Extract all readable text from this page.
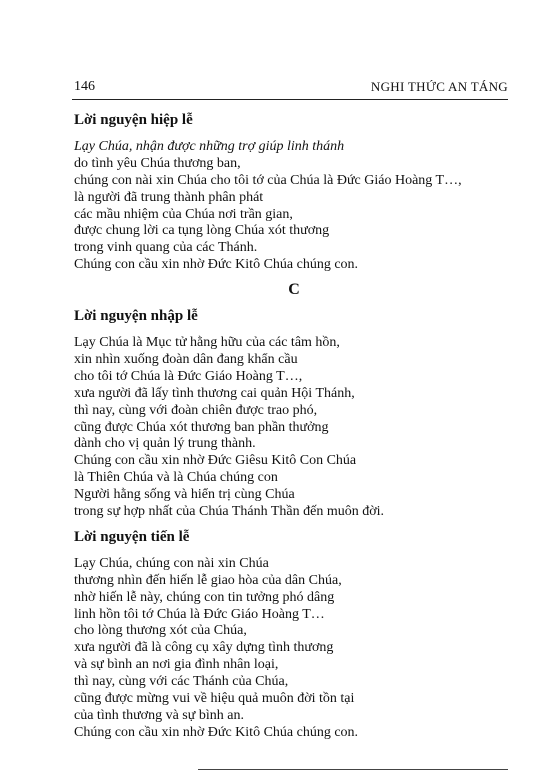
146	NGHI THỨC AN TÁNG
Lời nguyện hiệp lễ
Lạy Chúa, nhận được những trợ giúp linh thánh
do tình yêu Chúa thương ban,
chúng con nài xin Chúa cho tôi tớ của Chúa là Đức Giáo Hoàng T…,
là người đã trung thành phân phát
các mầu nhiệm của Chúa nơi trần gian,
được chung lời ca tụng lòng Chúa xót thương
trong vinh quang của các Thánh.
Chúng con cầu xin nhờ Đức Kitô Chúa chúng con.
C
Lời nguyện nhập lễ
Lạy Chúa là Mục tử hằng hữu của các tâm hồn,
xin nhìn xuống đoàn dân đang khẩn cầu
cho tôi tớ Chúa là Đức Giáo Hoàng T…,
xưa người đã lấy tình thương cai quản Hội Thánh,
thì nay, cùng với đoàn chiên được trao phó,
cũng được Chúa xót thương ban phần thưởng
dành cho vị quản lý trung thành.
Chúng con cầu xin nhờ Đức Giêsu Kitô Con Chúa
là Thiên Chúa và là Chúa chúng con
Người hằng sống và hiển trị cùng Chúa
trong sự hợp nhất của Chúa Thánh Thần đến muôn đời.
Lời nguyện tiến lễ
Lạy Chúa, chúng con nài xin Chúa
thương nhìn đến hiến lễ giao hòa của dân Chúa,
nhờ hiến lễ này, chúng con tin tưởng phó dâng
linh hồn tôi tớ Chúa là Đức Giáo Hoàng T…
cho lòng thương xót của Chúa,
xưa người đã là công cụ xây dựng tình thương
và sự bình an nơi gia đình nhân loại,
thì nay, cùng với các Thánh của Chúa,
cũng được mừng vui về hiệu quả muôn đời tồn tại
của tình thương và sự bình an.
Chúng con cầu xin nhờ Đức Kitô Chúa chúng con.
